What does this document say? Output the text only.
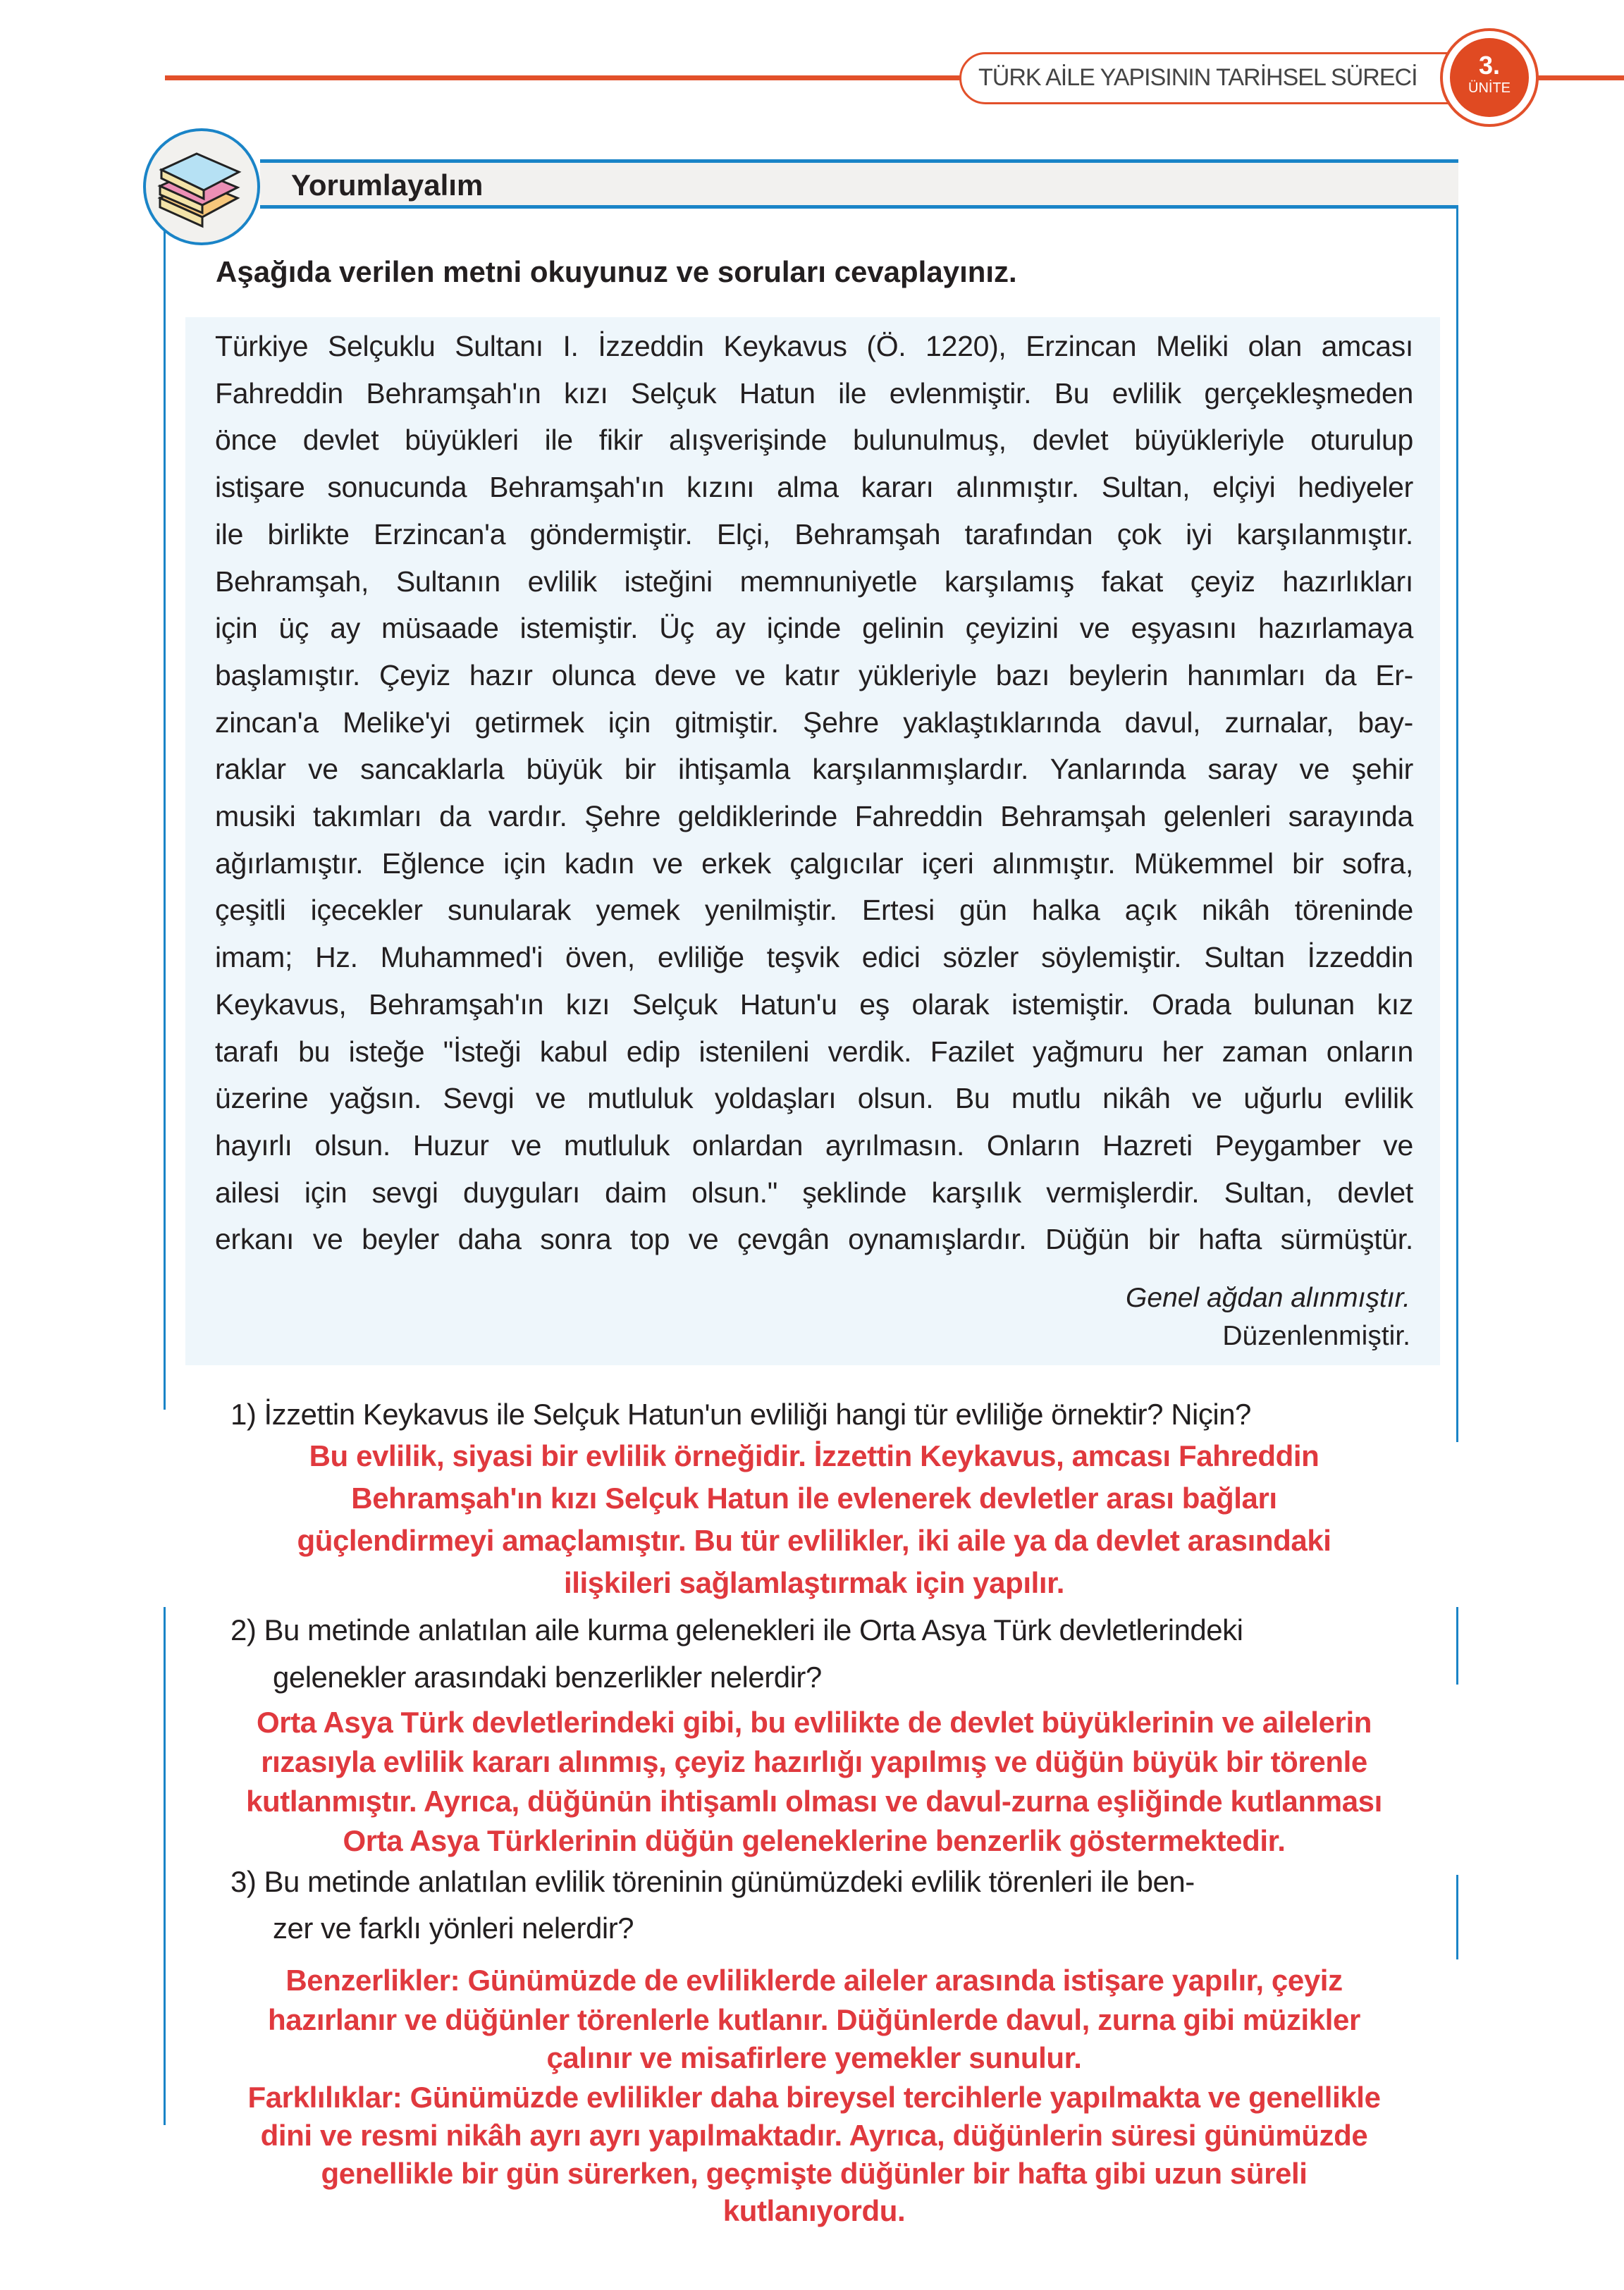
TÜRK AİLE YAPISININ TARİHSEL SÜRECİ	3.
ÜNİTE
Yorumlayalım
Aşağıda verilen metni okuyunuz ve soruları cevaplayınız.
Genel ağdan alınmıştır.
Düzenlenmiştir.
Türkiye Selçuklu Sultanı I. İzzeddin Keykavus (Ö. 1220), Erzincan Meliki olan amcası
Fahreddin Behramşah'ın kızı Selçuk Hatun ile evlenmiştir. Bu evlilik gerçekleşmeden
önce devlet büyükleri ile fikir alışverişinde bulunulmuş, devlet büyükleriyle oturulup
istişare sonucunda Behramşah'ın kızını alma kararı alınmıştır. Sultan, elçiyi hediyeler
ile birlikte Erzincan'a göndermiştir. Elçi, Behramşah tarafından çok iyi karşılanmıştır.
Behramşah, Sultanın evlilik isteğini memnuniyetle karşılamış fakat çeyiz hazırlıkları
için üç ay müsaade istemiştir. Üç ay içinde gelinin çeyizini ve eşyasını hazırlamaya
başlamıştır. Çeyiz hazır olunca deve ve katır yükleriyle bazı beylerin hanımları da Er-
zincan'a Melike'yi getirmek için gitmiştir. Şehre yaklaştıklarında davul, zurnalar, bay-
raklar ve sancaklarla büyük bir ihtişamla karşılanmışlardır. Yanlarında saray ve şehir
musiki takımları da vardır. Şehre geldiklerinde Fahreddin Behramşah gelenleri sarayında
ağırlamıştır. Eğlence için kadın ve erkek çalgıcılar içeri alınmıştır. Mükemmel bir sofra,
çeşitli içecekler sunularak yemek yenilmiştir. Ertesi gün halka açık nikâh töreninde
imam; Hz. Muhammed'i öven, evliliğe teşvik edici sözler söylemiştir. Sultan İzzeddin
Keykavus, Behramşah'ın kızı Selçuk Hatun'u eş olarak istemiştir. Orada bulunan kız
tarafı bu isteğe "İsteği kabul edip istenileni verdik. Fazilet yağmuru her zaman onların
üzerine yağsın. Sevgi ve mutluluk yoldaşları olsun. Bu mutlu nikâh ve uğurlu evlilik
hayırlı olsun. Huzur ve mutluluk onlardan ayrılmasın. Onların Hazreti Peygamber ve
ailesi için sevgi duyguları daim olsun." şeklinde karşılık vermişlerdir. Sultan, devlet
erkanı ve beyler daha sonra top ve çevgân oynamışlardır. Düğün bir hafta sürmüştür.
1) İzzettin Keykavus ile Selçuk Hatun'un evliliği hangi tür evliliğe örnektir? Niçin?
Bu evlilik, siyasi bir evlilik örneğidir. İzzettin Keykavus, amcası Fahreddin
Behramşah'ın kızı Selçuk Hatun ile evlenerek devletler arası bağları
güçlendirmeyi amaçlamıştır. Bu tür evlilikler, iki aile ya da devlet arasındaki
ilişkileri sağlamlaştırmak için yapılır.
2) Bu metinde anlatılan aile kurma gelenekleri ile Orta Asya Türk devletlerindeki
gelenekler arasındaki benzerlikler nelerdir?
Orta Asya Türk devletlerindeki gibi, bu evlilikte de devlet büyüklerinin ve ailelerin
rızasıyla evlilik kararı alınmış, çeyiz hazırlığı yapılmış ve düğün büyük bir törenle
kutlanmıştır. Ayrıca, düğünün ihtişamlı olması ve davul-zurna eşliğinde kutlanması
Orta Asya Türklerinin düğün geleneklerine benzerlik göstermektedir.
3) Bu metinde anlatılan evlilik töreninin günümüzdeki evlilik törenleri ile ben-
zer ve farklı yönleri nelerdir?
Benzerlikler: Günümüzde de evliliklerde aileler arasında istişare yapılır, çeyiz
hazırlanır ve düğünler törenlerle kutlanır. Düğünlerde davul, zurna gibi müzikler
çalınır ve misafirlere yemekler sunulur.
Farklılıklar: Günümüzde evlilikler daha bireysel tercihlerle yapılmakta ve genellikle
dini ve resmi nikâh ayrı ayrı yapılmaktadır. Ayrıca, düğünlerin süresi günümüzde
genellikle bir gün sürerken, geçmişte düğünler bir hafta gibi uzun süreli
kutlanıyordu.
